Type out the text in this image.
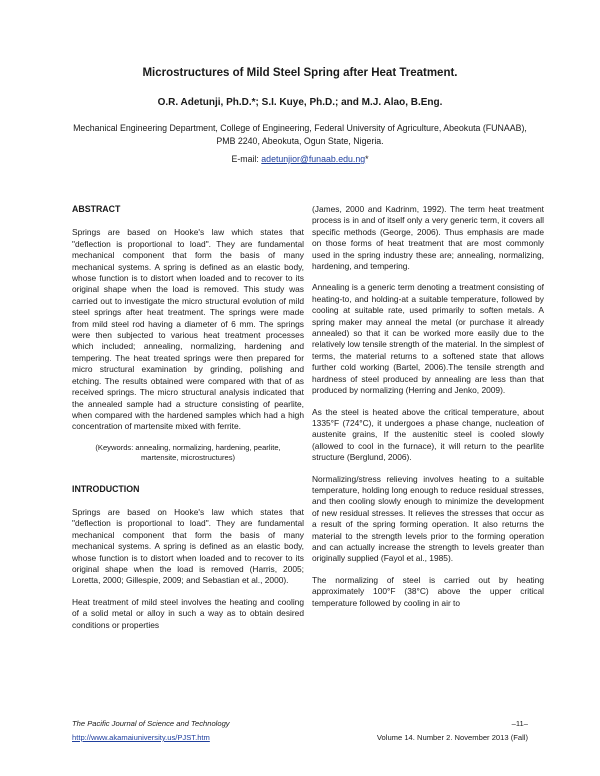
Microstructures of Mild Steel Spring after Heat Treatment.
O.R. Adetunji, Ph.D.*; S.I. Kuye, Ph.D.; and M.J. Alao, B.Eng.
Mechanical Engineering Department, College of Engineering, Federal University of Agriculture, Abeokuta (FUNAAB), PMB 2240, Abeokuta, Ogun State, Nigeria.
E-mail: adetunjior@funaab.edu.ng*
ABSTRACT

Springs are based on Hooke's law which states that "deflection is proportional to load". They are fundamental mechanical component that form the basis of many mechanical systems. A spring is defined as an elastic body, whose function is to distort when loaded and to recover to its original shape when the load is removed. This study was carried out to investigate the micro structural evolution of mild steel springs after heat treatment. The springs were made from mild steel rod having a diameter of 6 mm. The springs were then subjected to various heat treatment processes which included; annealing, normalizing, hardening and tempering. The heat treated springs were then prepared for micro structural examination by grinding, polishing and etching. The results obtained were compared with that of as received springs. The micro structural analysis indicated that the annealed sample had a structure consisting of pearlite, when compared with the hardened samples which had a high concentration of martensite mixed with ferrite.

(Keywords: annealing, normalizing, hardening, pearlite, martensite, microstructures)

INTRODUCTION

Springs are based on Hooke's law which states that "deflection is proportional to load". They are fundamental mechanical component that form the basis of many mechanical systems. A spring is defined as an elastic body, whose function is to distort when loaded and to recover to its original shape when the load is removed (Harris, 2005; Loretta, 2000; Gillespie, 2009; and Sebastian et al., 2000).

Heat treatment of mild steel involves the heating and cooling of a solid metal or alloy in such a way as to obtain desired conditions or properties

(James, 2000 and Kadrinm, 1992). The term heat treatment process is in and of itself only a very generic term, it covers all specific methods (George, 2006). Thus emphasis are made on those forms of heat treatment that are most commonly used in the spring industry these are; annealing, normalizing, hardening, and tempering.

Annealing is a generic term denoting a treatment consisting of heating-to, and holding-at a suitable temperature, followed by cooling at suitable rate, used primarily to soften metals. A spring maker may anneal the metal (or purchase it already annealed) so that it can be worked more easily due to the relatively low tensile strength of the material. In the simplest of terms, the material returns to a softened state that allows further cold working (Bartel, 2006).The tensile strength and hardness of steel produced by annealing are less than that produced by normalizing (Herring and Jenko, 2009).

As the steel is heated above the critical temperature, about 1335°F (724°C), it undergoes a phase change, nucleation of austenite grains, If the austenitic steel is cooled slowly (allowed to cool in the furnace), it will return to the pearlite structure (Berglund, 2006).

Normalizing/stress relieving involves heating to a suitable temperature, holding long enough to reduce residual stresses, and then cooling slowly enough to minimize the development of new residual stresses. It relieves the stresses that occur as a result of the spring forming operation. It also returns the material to the strength levels prior to the forming operation and can actually increase the strength to levels greater than originally supplied (Fayol et al., 1985).

The normalizing of steel is carried out by heating approximately 100°F (38°C) above the upper critical temperature followed by cooling in air to

The Pacific Journal of Science and Technology
http://www.akamaiuniversity.us/PJST.htm
–11–
Volume 14. Number 2. November 2013 (Fall)
